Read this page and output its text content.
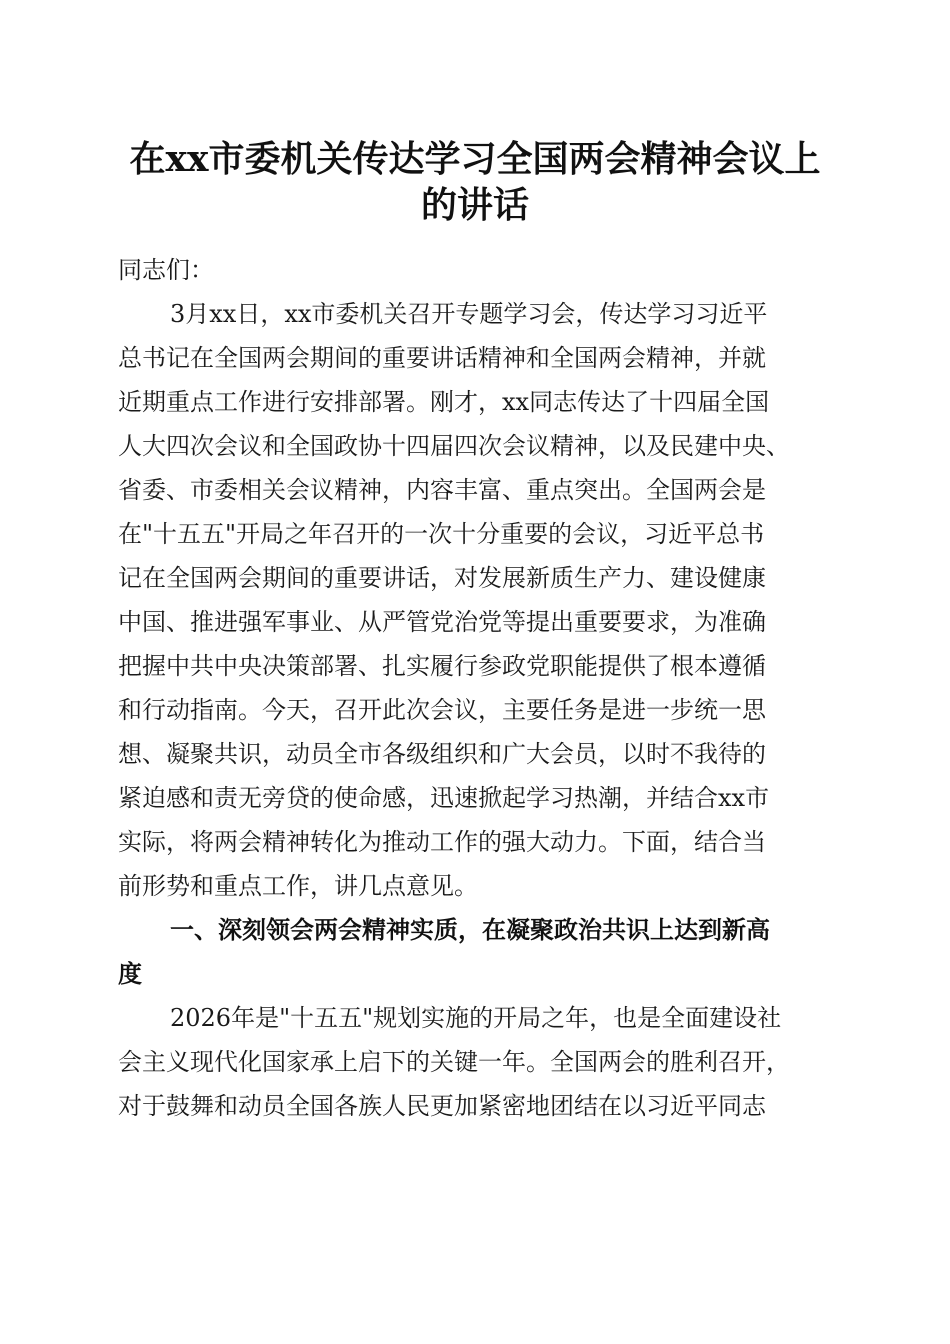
在xx市委机关传达学习全国两会精神会议上
的讲话
同志们：
3月xx日，xx市委机关召开专题学习会，传达学习习近平
总书记在全国两会期间的重要讲话精神和全国两会精神，并就
近期重点工作进行安排部署。刚才，xx同志传达了十四届全国
人大四次会议和全国政协十四届四次会议精神，以及民建中央、
省委、市委相关会议精神，内容丰富、重点突出。全国两会是
在"十五五"开局之年召开的一次十分重要的会议，习近平总书
记在全国两会期间的重要讲话，对发展新质生产力、建设健康
中国、推进强军事业、从严管党治党等提出重要要求，为准确
把握中共中央决策部署、扎实履行参政党职能提供了根本遵循
和行动指南。今天，召开此次会议，主要任务是进一步统一思
想、凝聚共识，动员全市各级组织和广大会员，以时不我待的
紧迫感和责无旁贷的使命感，迅速掀起学习热潮，并结合xx市
实际，将两会精神转化为推动工作的强大动力。下面，结合当
前形势和重点工作，讲几点意见。
一、深刻领会两会精神实质，在凝聚政治共识上达到新高
度
2026年是"十五五"规划实施的开局之年，也是全面建设社
会主义现代化国家承上启下的关键一年。全国两会的胜利召开，
对于鼓舞和动员全国各族人民更加紧密地团结在以习近平同志
